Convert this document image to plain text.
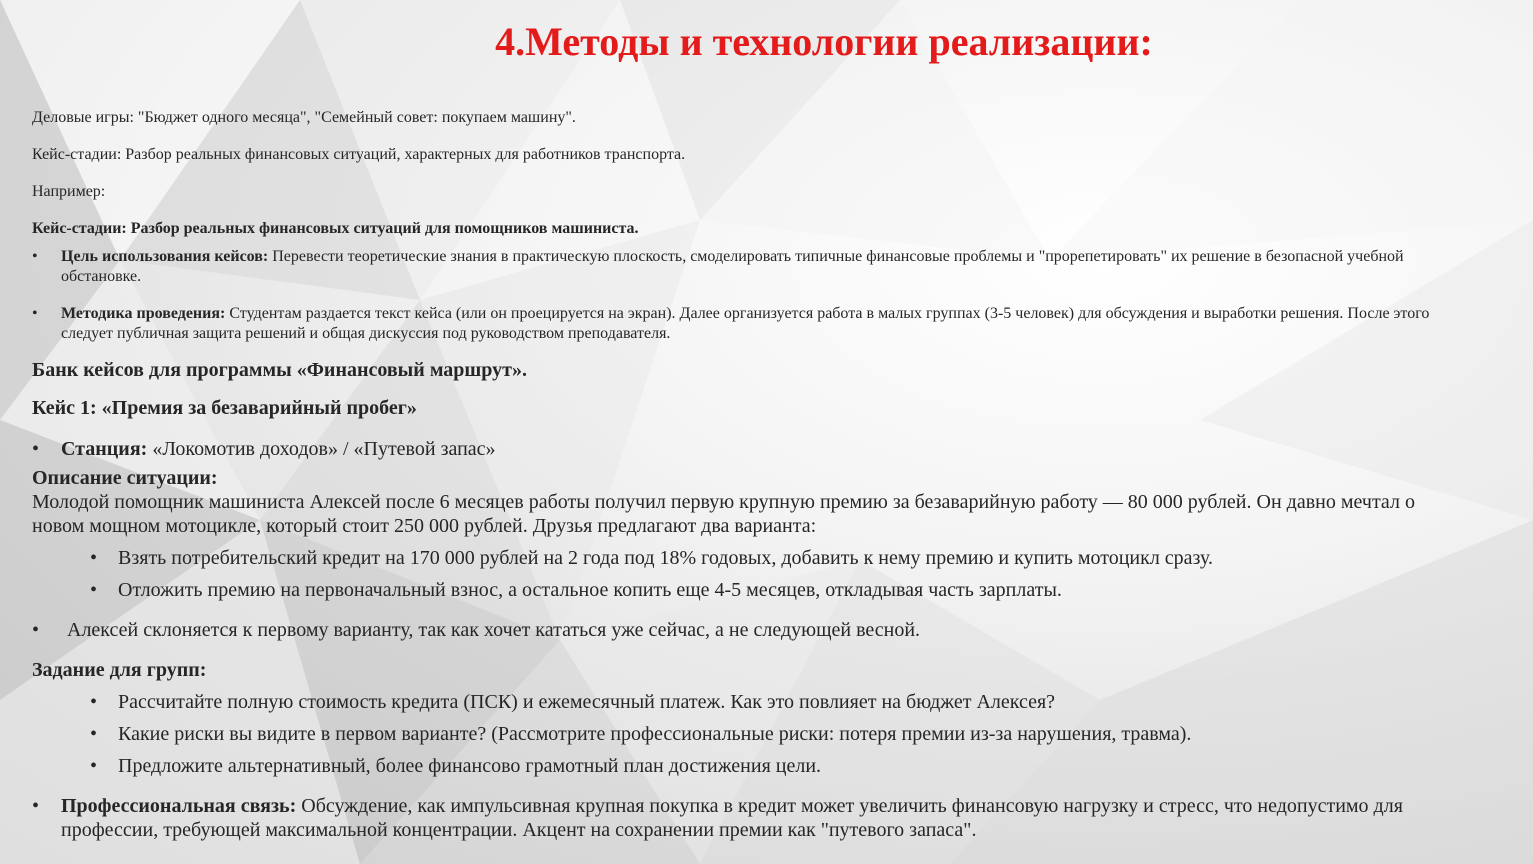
4.Методы и технологии реализации:

Деловые игры: "Бюджет одного месяца", "Семейный совет: покупаем машину".

Кейс-стадии: Разбор реальных финансовых ситуаций, характерных для работников транспорта.

Например:

Кейс-стадии: Разбор реальных финансовых ситуаций для помощников машиниста.

• Цель использования кейсов: Перевести теоретические знания в практическую плоскость, смоделировать типичные финансовые проблемы и "прорепетировать" их решение в безопасной учебной обстановке.

• Методика проведения: Студентам раздается текст кейса (или он проецируется на экран). Далее организуется работа в малых группах (3-5 человек) для обсуждения и выработки решения. После этого следует публичная защита решений и общая дискуссия под руководством преподавателя.

Банк кейсов для программы «Финансовый маршрут».

Кейс 1: «Премия за безаварийный пробег»

• Станция: «Локомотив доходов» / «Путевой запас»

Описание ситуации:

Молодой помощник машиниста Алексей после 6 месяцев работы получил первую крупную премию за безаварийную работу — 80 000 рублей. Он давно мечтал о новом мощном мотоцикле, который стоит 250 000 рублей. Друзья предлагают два варианта:

• Взять потребительский кредит на 170 000 рублей на 2 года под 18% годовых, добавить к нему премию и купить мотоцикл сразу.

• Отложить премию на первоначальный взнос, а остальное копить еще 4-5 месяцев, откладывая часть зарплаты.

• Алексей склоняется к первому варианту, так как хочет кататься уже сейчас, а не следующей весной.

Задание для групп:

• Рассчитайте полную стоимость кредита (ПСК) и ежемесячный платеж. Как это повлияет на бюджет Алексея?

• Какие риски вы видите в первом варианте? (Рассмотрите профессиональные риски: потеря премии из-за нарушения, травма).

• Предложите альтернативный, более финансово грамотный план достижения цели.

• Профессиональная связь: Обсуждение, как импульсивная крупная покупка в кредит может увеличить финансовую нагрузку и стресс, что недопустимо для профессии, требующей максимальной концентрации. Акцент на сохранении премии как "путевого запаса".
